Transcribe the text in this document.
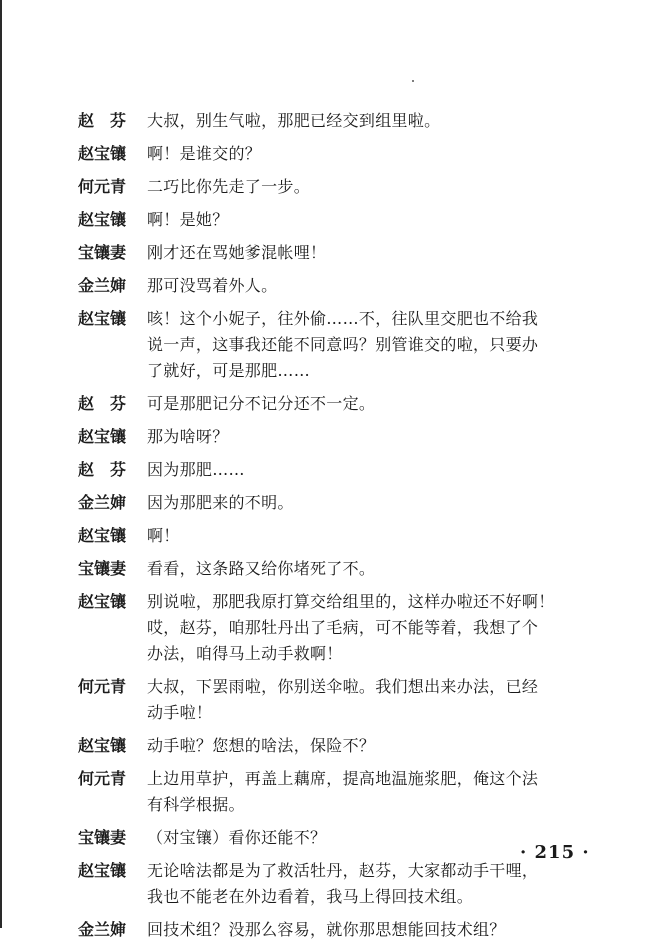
赵　芬	大叔，别生气啦，那肥已经交到组里啦。
赵宝镶	啊！是谁交的？
何元青	二巧比你先走了一步。
赵宝镶	啊！是她？
宝镶妻	刚才还在骂她爹混帐哩！
金兰婶	那可没骂着外人。
赵宝镶	咳！这个小妮子，往外偷……不，往队里交肥也不给我
说一声，这事我还能不同意吗？别管谁交的啦，只要办
了就好，可是那肥……
赵　芬	可是那肥记分不记分还不一定。
赵宝镶	那为啥呀？
赵　芬	因为那肥……
金兰婶	因为那肥来的不明。
赵宝镶	啊！
宝镶妻	看看，这条路又给你堵死了不。
赵宝镶	别说啦，那肥我原打算交给组里的，这样办啦还不好啊！
哎，赵芬，咱那牡丹出了毛病，可不能等着，我想了个
办法，咱得马上动手救啊！
何元青	大叔，下罢雨啦，你别送伞啦。我们想出来办法，已经
动手啦！
赵宝镶	动手啦？您想的啥法，保险不？
何元青	上边用草护，再盖上藕席，提高地温施浆肥，俺这个法
有科学根据。
宝镶妻	（对宝镶）看你还能不？
赵宝镶	无论啥法都是为了救活牡丹，赵芬，大家都动手干哩，
我也不能老在外边看着，我马上得回技术组。
金兰婶	回技术组？没那么容易，就你那思想能回技术组？
· 215 ·
